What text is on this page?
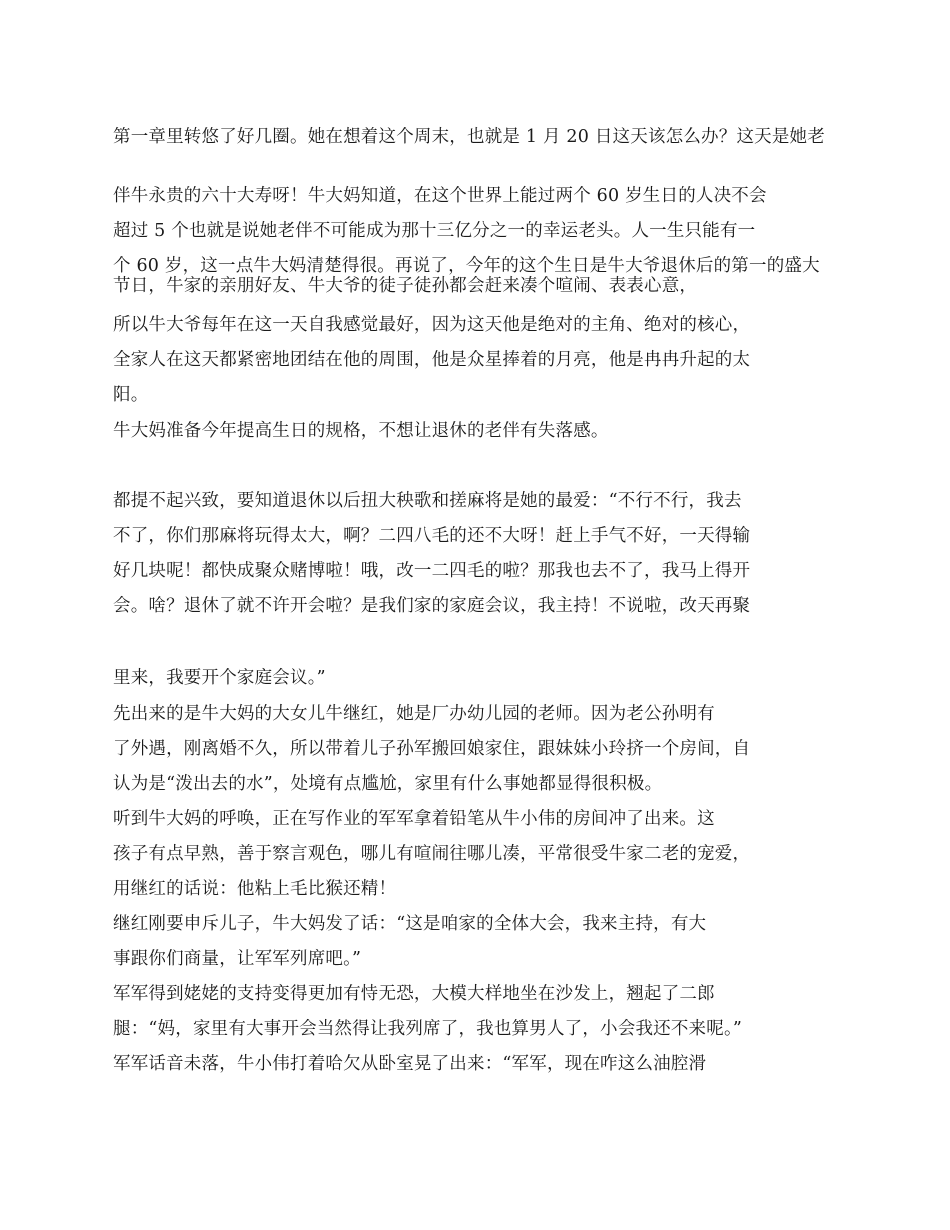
第一章里转悠了好几圈。她在想着这个周末，也就是 1 月 20 日这天该怎么办？这天是她老
伴牛永贵的六十大寿呀！牛大妈知道，在这个世界上能过两个 60 岁生日的人决不会
超过 5 个也就是说她老伴不可能成为那十三亿分之一的幸运老头。人一生只能有一
个 60 岁，这一点牛大妈清楚得很。再说了，今年的这个生日是牛大爷退休后的第一的盛大节日，牛家的亲朋好友、牛大爷的徒子徒孙都会赶来凑个喧闹、表表心意，
所以牛大爷每年在这一天自我感觉最好，因为这天他是绝对的主角、绝对的核心，
全家人在这天都紧密地团结在他的周围，他是众星捧着的月亮，他是冉冉升起的太
阳。
牛大妈准备今年提高生日的规格，不想让退休的老伴有失落感。
都提不起兴致，要知道退休以后扭大秧歌和搓麻将是她的最爱：“不行不行，我去
不了，你们那麻将玩得太大，啊？二四八毛的还不大呀！赶上手气不好，一天得输
好几块呢！都快成聚众赌博啦！哦，改一二四毛的啦？那我也去不了，我马上得开
会。啥？退休了就不许开会啦？是我们家的家庭会议，我主持！不说啦，改天再聚
里来，我要开个家庭会议。”
先出来的是牛大妈的大女儿牛继红，她是厂办幼儿园的老师。因为老公孙明有
了外遇，刚离婚不久，所以带着儿子孙军搬回娘家住，跟妹妹小玲挤一个房间，自
认为是“泼出去的水”，处境有点尴尬，家里有什么事她都显得很积极。
听到牛大妈的呼唤，正在写作业的军军拿着铅笔从牛小伟的房间冲了出来。这
孩子有点早熟，善于察言观色，哪儿有喧闹往哪儿凑，平常很受牛家二老的宠爱，
用继红的话说：他粘上毛比猴还精！
继红刚要申斥儿子，牛大妈发了话：“这是咱家的全体大会，我来主持，有大
事跟你们商量，让军军列席吧。”
军军得到姥姥的支持变得更加有恃无恐，大模大样地坐在沙发上，翘起了二郎
腿：“妈，家里有大事开会当然得让我列席了，我也算男人了，小会我还不来呢。”
军军话音未落，牛小伟打着哈欠从卧室晃了出来：“军军，现在咋这么油腔滑
